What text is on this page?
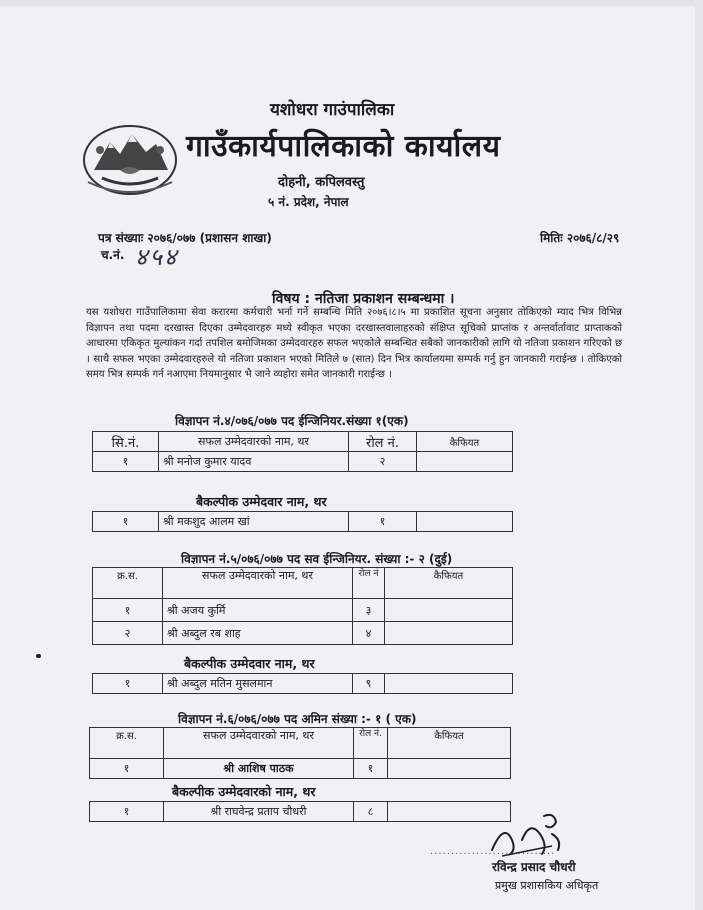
यशोधरा गाउंपालिका
गाउँकार्यपालिकाको कार्यालय
दोहनी, कपिलवस्तु
५ नं. प्रदेश, नेपाल
पत्र संख्याः २०७६/०७७ (प्रशासन शाखा)	मितिः २०७६/८/२९
च.नं. ४५४
विषय : नतिजा प्रकाशन सम्बन्धमा ।
यस यशोधरा गाउँपालिकामा सेवा करारमा कर्मचारी भर्ना गर्ने सम्बन्धि मिति २०७६।८।५ मा प्रकाशित सूचना अनुसार तोकिएको म्याद भित्र विभिन्न विज्ञापन तथा पदमा दरखास्त दिएका उम्मेदवारहरु मध्ये स्वीकृत भएका दरखास्तवालाहरुको संक्षिप्त सूचिको प्राप्तांक र अन्तर्वार्तावाट प्राप्ताकको आधारमा एकिकृत मुल्यांकन गर्दा तपशिल बमोजिमका उम्मेदवारहरु सफल भएकोले सम्बन्धित सबैको जानकारीको लागि यो नतिजा प्रकाशन गरिएको छ । साथै सफल भएका उम्मेदवारहरुले यो नतिजा प्रकाशन भएको मितिले ७ (सात) दिन भित्र कार्यालयमा सम्पर्क गर्नु हुन जानकारी गराईन्छ । तोकिएको समय भित्र सम्पर्क गर्न नआएमा नियमानुसार भै जाने व्यहोरा समेत जानकारी गराईन्छ ।
विज्ञापन नं.४/०७६/०७७ पद ईन्जिनियर.संख्या १(एक)
सि.नं.	सफल उम्मेदवारको नाम, थर	रोल नं.	कैफियत
१	श्री मनोज कुमार यादव	२	
बैकल्पीक उम्मेदवार नाम, थर
१	श्री मकशुद आलम खां	१	
विज्ञापन नं.५/०७६/०७७ पद सव ईन्जिनियर. संख्या :- २ (दुई)
क्र.स.	सफल उम्मेदवारको नाम, थर	रोल नं	कैफियत
१	श्री अजय कुर्मि	३	
२	श्री अब्दुल रब शाह	४	
बैकल्पीक उम्मेदवार नाम, थर
१	श्री अब्दुल मतिन मुसलमान	९	
विज्ञापन नं.६/०७६/०७७ पद अमिन संख्या :- १ ( एक)
क्र.स.	सफल उम्मेदवारको नाम, थर	रोल नं.	कैफियत
१	श्री आशिष पाठक	१	
बैकल्पीक उम्मेदवारको नाम, थर
१	श्री राघवेन्द्र प्रताप चौधरी	८	
..............................
रविन्द्र प्रसाद चौधरी
प्रमुख प्रशासकिय अधिकृत
